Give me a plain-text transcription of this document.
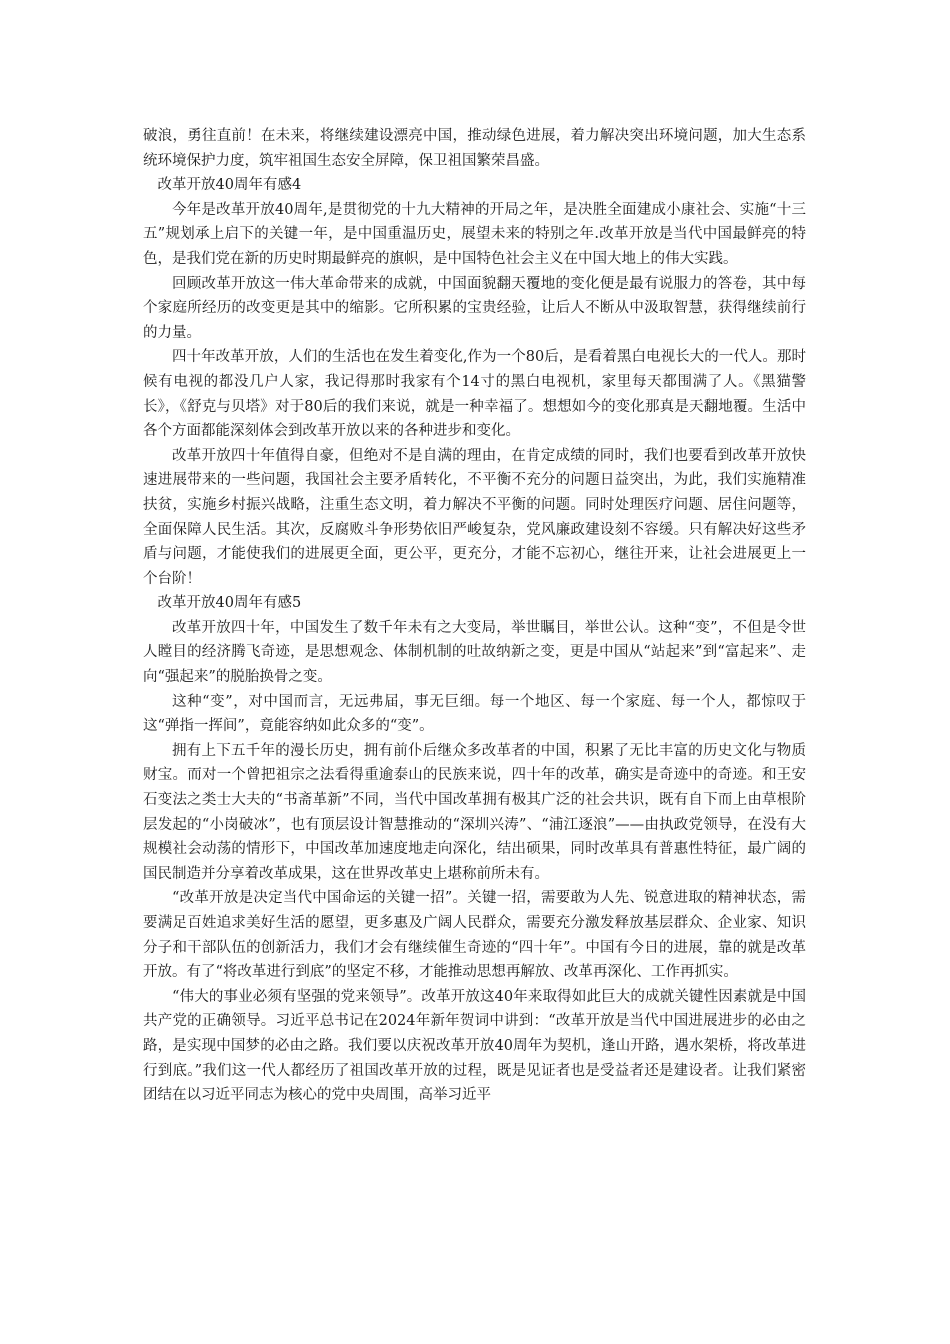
破浪，勇往直前！在未来，将继续建设漂亮中国，推动绿色进展，着力解决突出环境问题，加大生态系统环境保护力度，筑牢祖国生态安全屏障，保卫祖国繁荣昌盛。

改革开放40周年有感4

今年是改革开放40周年,是贯彻党的十九大精神的开局之年，是决胜全面建成小康社会、实施“十三五”规划承上启下的关键一年，是中国重温历史，展望未来的特别之年.改革开放是当代中国最鲜亮的特色，是我们党在新的历史时期最鲜亮的旗帜，是中国特色社会主义在中国大地上的伟大实践。

回顾改革开放这一伟大革命带来的成就，中国面貌翻天覆地的变化便是最有说服力的答卷，其中每个家庭所经历的改变更是其中的缩影。它所积累的宝贵经验，让后人不断从中汲取智慧，获得继续前行的力量。

四十年改革开放，人们的生活也在发生着变化,作为一个80后，是看着黑白电视长大的一代人。那时候有电视的都没几户人家，我记得那时我家有个14寸的黑白电视机，家里每天都围满了人。《黑猫警长》，《舒克与贝塔》对于80后的我们来说，就是一种幸福了。想想如今的变化那真是天翻地覆。生活中各个方面都能深刻体会到改革开放以来的各种进步和变化。

改革开放四十年值得自豪，但绝对不是自满的理由，在肯定成绩的同时，我们也要看到改革开放快速进展带来的一些问题，我国社会主要矛盾转化，不平衡不充分的问题日益突出，为此，我们实施精准扶贫，实施乡村振兴战略，注重生态文明，着力解决不平衡的问题。同时处理医疗问题、居住问题等，全面保障人民生活。其次，反腐败斗争形势依旧严峻复杂，党风廉政建设刻不容缓。只有解决好这些矛盾与问题，才能使我们的进展更全面，更公平，更充分，才能不忘初心，继往开来，让社会进展更上一个台阶！

改革开放40周年有感5

改革开放四十年，中国发生了数千年未有之大变局，举世瞩目，举世公认。这种“变”，不但是令世人瞠目的经济腾飞奇迹，是思想观念、体制机制的吐故纳新之变，更是中国从“站起来”到“富起来”、走向“强起来”的脱胎换骨之变。

这种“变”，对中国而言，无远弗届，事无巨细。每一个地区、每一个家庭、每一个人，都惊叹于这“弹指一挥间”，竟能容纳如此众多的“变”。

拥有上下五千年的漫长历史，拥有前仆后继众多改革者的中国，积累了无比丰富的历史文化与物质财宝。而对一个曾把祖宗之法看得重逾泰山的民族来说，四十年的改革，确实是奇迹中的奇迹。和王安石变法之类士大夫的“书斋革新”不同，当代中国改革拥有极其广泛的社会共识，既有自下而上由草根阶层发起的“小岗破冰”，也有顶层设计智慧推动的“深圳兴涛”、“浦江逐浪”——由执政党领导，在没有大规模社会动荡的情形下，中国改革加速度地走向深化，结出硕果，同时改革具有普惠性特征，最广阔的国民制造并分享着改革成果，这在世界改革史上堪称前所未有。

“改革开放是决定当代中国命运的关键一招”。关键一招，需要敢为人先、锐意进取的精神状态，需要满足百姓追求美好生活的愿望，更多惠及广阔人民群众，需要充分激发释放基层群众、企业家、知识分子和干部队伍的创新活力，我们才会有继续催生奇迹的“四十年”。中国有今日的进展，靠的就是改革开放。有了“将改革进行到底”的坚定不移，才能推动思想再解放、改革再深化、工作再抓实。

“伟大的事业必须有坚强的党来领导”。改革开放这40年来取得如此巨大的成就关键性因素就是中国共产党的正确领导。习近平总书记在2024年新年贺词中讲到：“改革开放是当代中国进展进步的必由之路，是实现中国梦的必由之路。我们要以庆祝改革开放40周年为契机，逢山开路，遇水架桥，将改革进行到底。”我们这一代人都经历了祖国改革开放的过程，既是见证者也是受益者还是建设者。让我们紧密团结在以习近平同志为核心的党中央周围，高举习近平
